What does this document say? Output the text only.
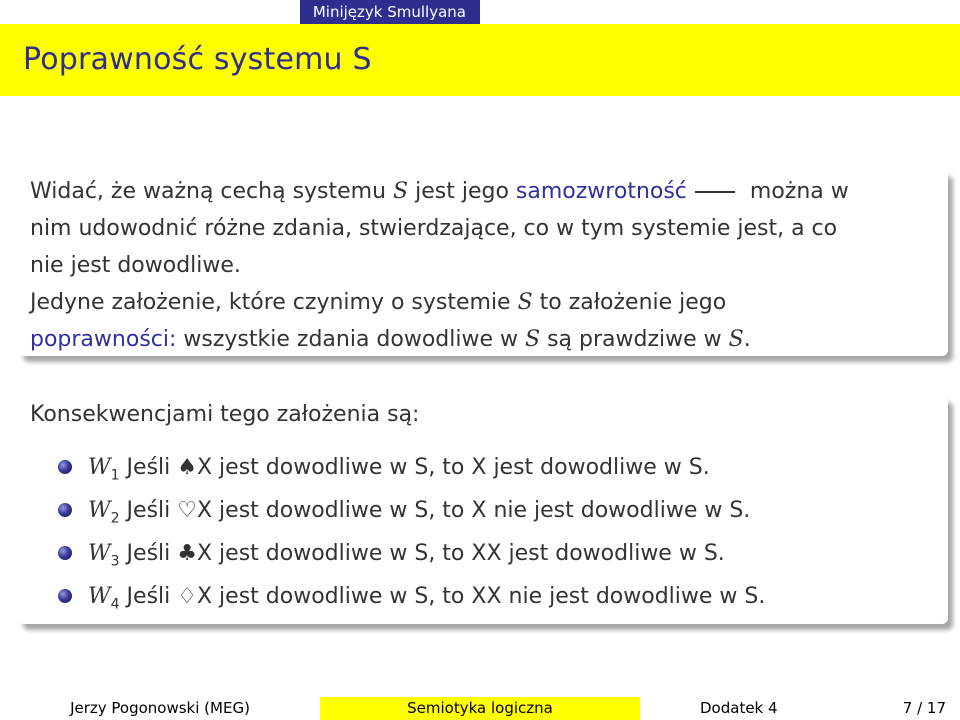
Minijęzyk Smullyana
Poprawność systemu S
Widać, że ważną cechą systemu S jest jego samozwrotność	można w
nim udowodnić różne zdania, stwierdzające, co w tym systemie jest, a co
nie jest dowodliwe.
Jedyne założenie, które czynimy o systemie S to założenie jego
poprawności: wszystkie zdania dowodliwe w S są prawdziwe w S.
Konsekwencjami tego założenia są:
$W_1$ Jeśli ♠X jest dowodliwe w S, to X jest dowodliwe w S.
$W_2$ Jeśli ♡X jest dowodliwe w S, to X nie jest dowodliwe w S.
$W_3$ Jeśli ♣X jest dowodliwe w S, to XX jest dowodliwe w S.
$W_4$ Jeśli ♢X jest dowodliwe w S, to XX nie jest dowodliwe w S.
Jerzy Pogonowski (MEG)	Semiotyka logiczna	Dodatek 4	7 / 17
